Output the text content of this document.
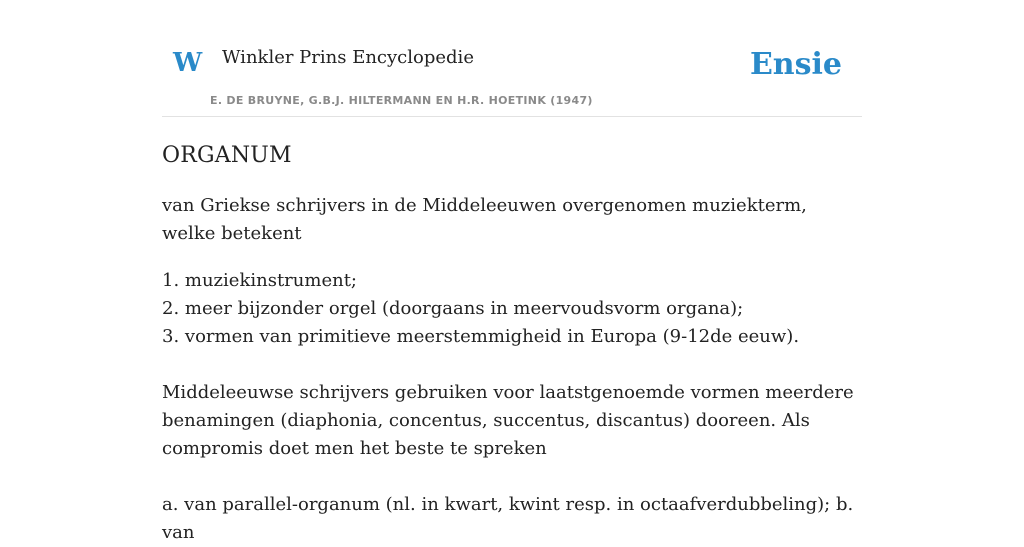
W Winkler Prins Encyclopedie
E. DE BRUYNE, G.B.J. HILTERMANN EN H.R. HOETINK (1947)
Ensie
ORGANUM

van Griekse schrijvers in de Middeleeuwen overgenomen muziekterm, welke betekent

1. muziekinstrument;

2. meer bijzonder orgel (doorgaans in meervoudsvorm organa);

3. vormen van primitieve meerstemmigheid in Europa (9-12de eeuw).

Middeleeuwse schrijvers gebruiken voor laatstgenoemde vormen meerdere benamingen (diaphonia, concentus, succentus, discantus) dooreen. Als compromis doet men het beste te spreken

a. van parallel-organum (nl. in kwart, kwint resp. in octaafverdubbeling); b. van
